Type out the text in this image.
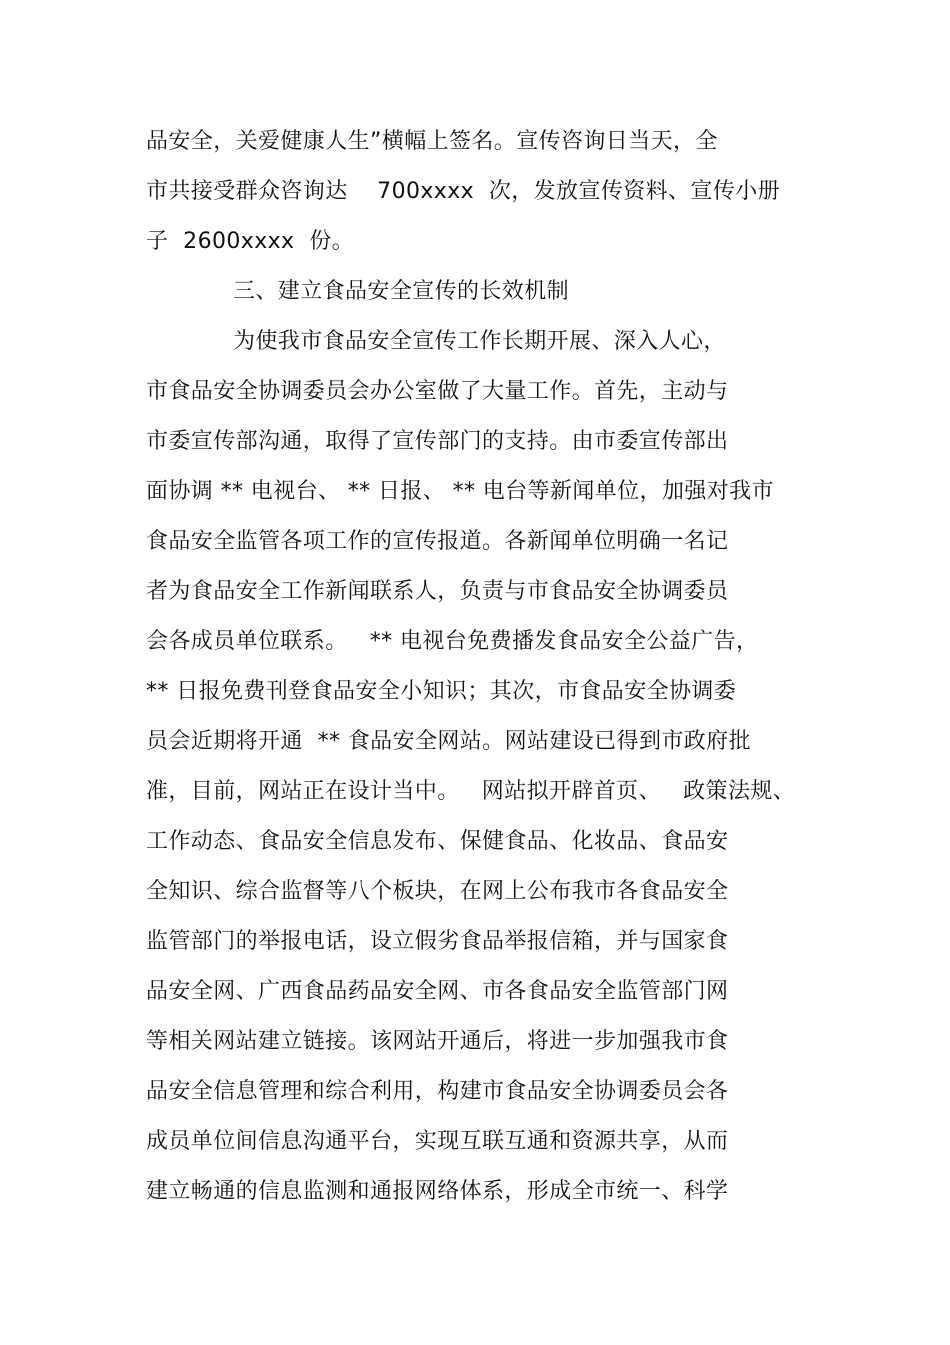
品安全，关爱健康人生”横幅上签名。宣传咨询日当天，全

市共接受群众咨询达    700xxxx  次，发放宣传资料、宣传小册

子  2600xxxx  份。

三、建立食品安全宣传的长效机制

为使我市食品安全宣传工作长期开展、深入人心，

市食品安全协调委员会办公室做了大量工作。首先，主动与

市委宣传部沟通，取得了宣传部门的支持。由市委宣传部出

面协调 ** 电视台、 ** 日报、 ** 电台等新闻单位，加强对我市

食品安全监管各项工作的宣传报道。各新闻单位明确一名记

者为食品安全工作新闻联系人，负责与市食品安全协调委员

会各成员单位联系。   ** 电视台免费播发食品安全公益广告，

** 日报免费刊登食品安全小知识；其次，市食品安全协调委

员会近期将开通  ** 食品安全网站。网站建设已得到市政府批

准，目前，网站正在设计当中。   网站拟开辟首页、   政策法规、

工作动态、食品安全信息发布、保健食品、化妆品、食品安

全知识、综合监督等八个板块，在网上公布我市各食品安全

监管部门的举报电话，设立假劣食品举报信箱，并与国家食

品安全网、广西食品药品安全网、市各食品安全监管部门网

等相关网站建立链接。该网站开通后，将进一步加强我市食

品安全信息管理和综合利用，构建市食品安全协调委员会各

成员单位间信息沟通平台，实现互联互通和资源共享，从而

建立畅通的信息监测和通报网络体系，形成全市统一、科学
